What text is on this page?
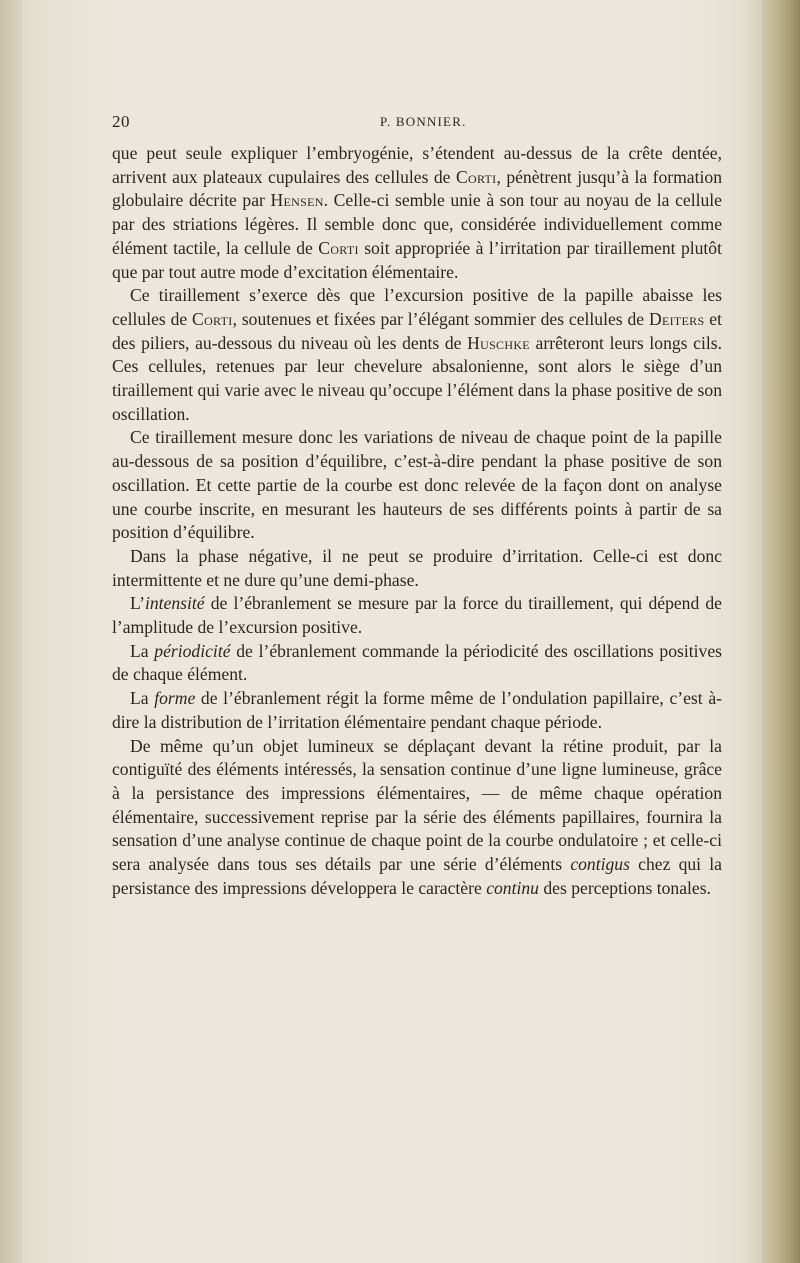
20	P. BONNIER.

que peut seule expliquer l’embryogénie, s’étendent au-dessus de la crête dentée, arrivent aux plateaux cupulaires des cellules de Corti, pénètrent jusqu’à la formation globulaire décrite par Hensen. Celle-ci semble unie à son tour au noyau de la cellule par des striations légères. Il semble donc que, considérée individuellement comme élément tactile, la cellule de Corti soit appropriée à l’irritation par tiraillement plutôt que par tout autre mode d’excitation élémentaire.

Ce tiraillement s’exerce dès que l’excursion positive de la papille abaisse les cellules de Corti, soutenues et fixées par l’élégant sommier des cellules de Deiters et des piliers, au-dessous du niveau où les dents de Huschke arrêteront leurs longs cils. Ces cellules, retenues par leur chevelure absalonienne, sont alors le siège d’un tiraillement qui varie avec le niveau qu’occupe l’élément dans la phase positive de son oscillation.

Ce tiraillement mesure donc les variations de niveau de chaque point de la papille au-dessous de sa position d’équilibre, c’est-à-dire pendant la phase positive de son oscillation. Et cette partie de la courbe est donc relevée de la façon dont on analyse une courbe inscrite, en mesurant les hauteurs de ses différents points à partir de sa position d’équilibre.

Dans la phase négative, il ne peut se produire d’irritation. Celle-ci est donc intermittente et ne dure qu’une demi-phase.

L’intensité de l’ébranlement se mesure par la force du tiraillement, qui dépend de l’amplitude de l’excursion positive.

La périodicité de l’ébranlement commande la périodicité des oscillations positives de chaque élément.

La forme de l’ébranlement régit la forme même de l’ondulation papillaire, c’est à-dire la distribution de l’irritation élémentaire pendant chaque période.

De même qu’un objet lumineux se déplaçant devant la rétine produit, par la contiguïté des éléments intéressés, la sensation continue d’une ligne lumineuse, grâce à la persistance des impressions élémentaires, — de même chaque opération élémentaire, successivement reprise par la série des éléments papillaires, fournira la sensation d’une analyse continue de chaque point de la courbe ondulatoire ; et celle-ci sera analysée dans tous ses détails par une série d’éléments contigus chez qui la persistance des impressions développera le caractère continu des perceptions tonales.
